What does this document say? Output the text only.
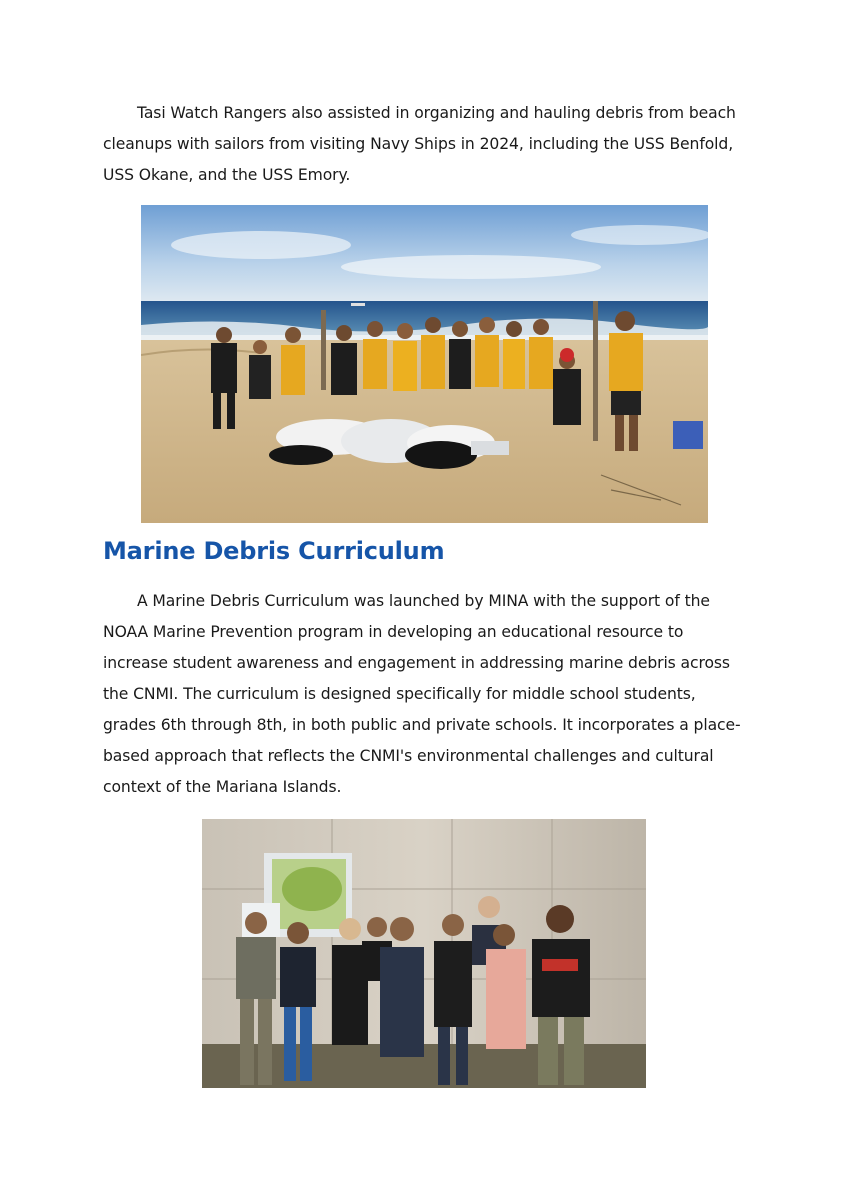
Tasi Watch Rangers also assisted in organizing and hauling debris from beach cleanups with sailors from visiting Navy Ships in 2024, including the USS Benfold, USS Okane, and the USS Emory.

Marine Debris Curriculum

A Marine Debris Curriculum was launched by MINA with the support of the NOAA Marine Prevention program in developing an educational resource to increase student awareness and engagement in addressing marine debris across the CNMI. The curriculum is designed specifically for middle school students, grades 6th through 8th, in both public and private schools. It incorporates a place-based approach that reflects the CNMI's environmental challenges and cultural context of the Mariana Islands.
